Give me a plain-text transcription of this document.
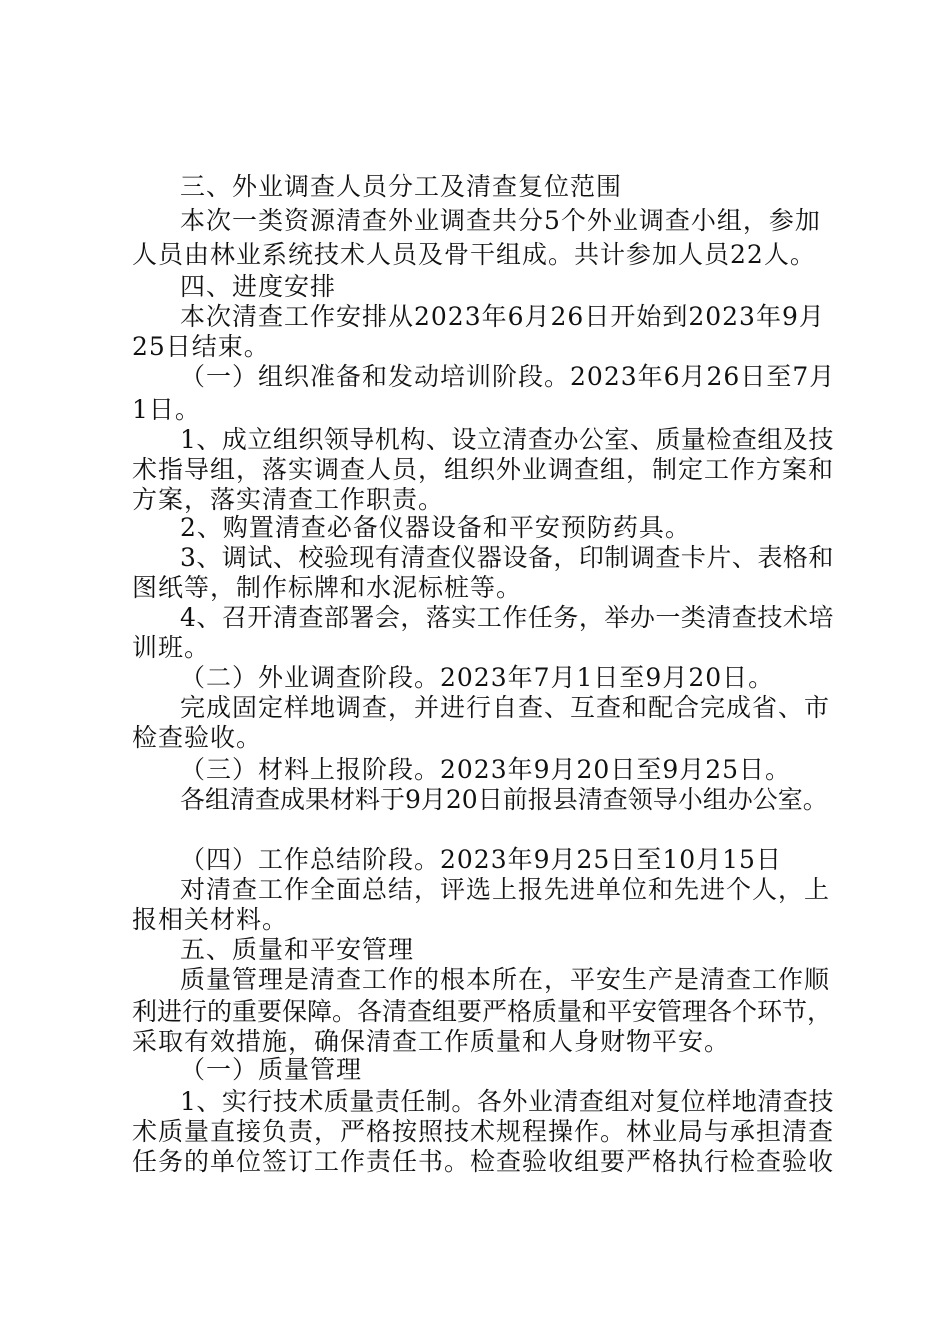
三、外业调查人员分工及清查复位范围
本次一类资源清查外业调查共分5个外业调查小组，参加
人员由林业系统技术人员及骨干组成。共计参加人员22人。
四、进度安排
本次清查工作安排从2023年6月26日开始到2023年9月
25日结束。
（一）组织准备和发动培训阶段。2023年6月26日至7月
1日。
1、成立组织领导机构、设立清查办公室、质量检查组及技
术指导组，落实调查人员，组织外业调查组，制定工作方案和
方案，落实清查工作职责。
2、购置清查必备仪器设备和平安预防药具。
3、调试、校验现有清查仪器设备，印制调查卡片、表格和
图纸等，制作标牌和水泥标桩等。
4、召开清查部署会，落实工作任务，举办一类清查技术培
训班。
（二）外业调查阶段。2023年7月1日至9月20日。
完成固定样地调查，并进行自查、互查和配合完成省、市
检查验收。
（三）材料上报阶段。2023年9月20日至9月25日。
各组清查成果材料于9月20日前报县清查领导小组办公室。
（四）工作总结阶段。2023年9月25日至10月15日
对清查工作全面总结，评选上报先进单位和先进个人，上
报相关材料。
五、质量和平安管理
质量管理是清查工作的根本所在，平安生产是清查工作顺
利进行的重要保障。各清查组要严格质量和平安管理各个环节，
采取有效措施，确保清查工作质量和人身财物平安。
（一）质量管理
1、实行技术质量责任制。各外业清查组对复位样地清查技
术质量直接负责，严格按照技术规程操作。林业局与承担清查
任务的单位签订工作责任书。检查验收组要严格执行检查验收
